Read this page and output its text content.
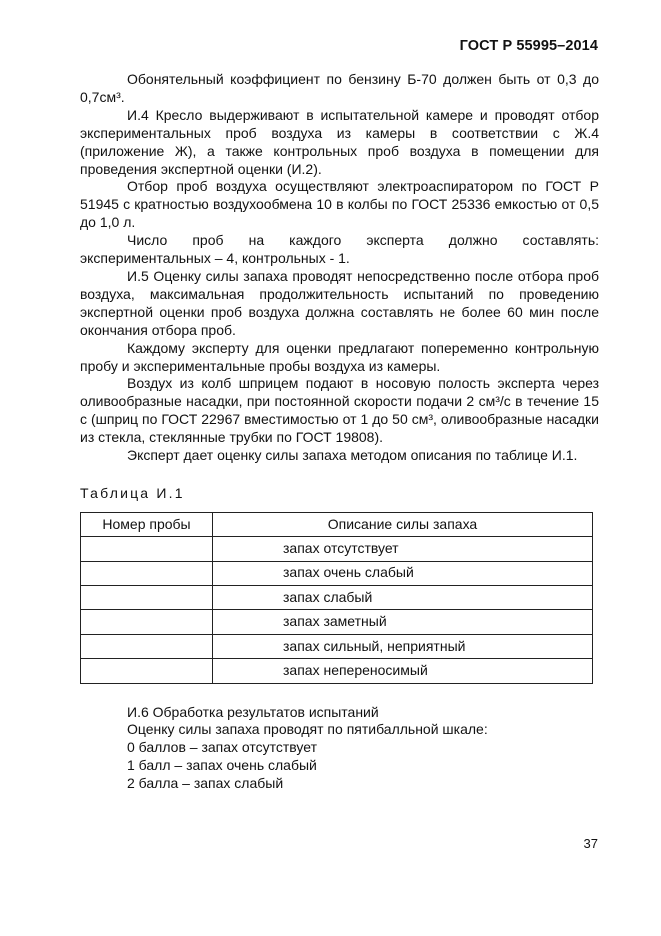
ГОСТ Р 55995–2014

Обонятельный коэффициент по бензину Б-70 должен быть от 0,3 до 0,7см³.

И.4 Кресло выдерживают в испытательной камере и проводят отбор экспериментальных проб воздуха из камеры в соответствии с Ж.4 (приложение Ж), а также контрольных проб воздуха в помещении для проведения экспертной оценки (И.2).

Отбор проб воздуха осуществляют электроаспиратором по ГОСТ Р 51945 с кратностью воздухообмена 10 в колбы по ГОСТ 25336 емкостью от 0,5 до 1,0 л.

Число проб на каждого эксперта должно составлять: экспериментальных – 4, контрольных - 1.

И.5 Оценку силы запаха проводят непосредственно после отбора проб воздуха, максимальная продолжительность испытаний по проведению экспертной оценки проб воздуха должна составлять не более 60 мин после окончания отбора проб.

Каждому эксперту для оценки предлагают попеременно контрольную пробу и экспериментальные пробы воздуха из камеры.

Воздух из колб шприцем подают в носовую полость эксперта через оливообразные насадки, при постоянной скорости подачи 2 см³/с в течение 15 с (шприц по ГОСТ 22967 вместимостью от 1 до 50 см³, оливообразные насадки из стекла, стеклянные трубки по ГОСТ 19808).

Эксперт дает оценку силы запаха методом описания по таблице И.1.

Таблица И.1
Номер пробы	Описание силы запаха
	запах отсутствует
	запах очень слабый
	запах слабый
	запах заметный
	запах сильный, неприятный
	запах непереносимый

И.6 Обработка результатов испытаний

Оценку силы запаха проводят по пятибалльной шкале:

0 баллов – запах отсутствует

1 балл – запах очень слабый

2 балла – запах слабый

37
